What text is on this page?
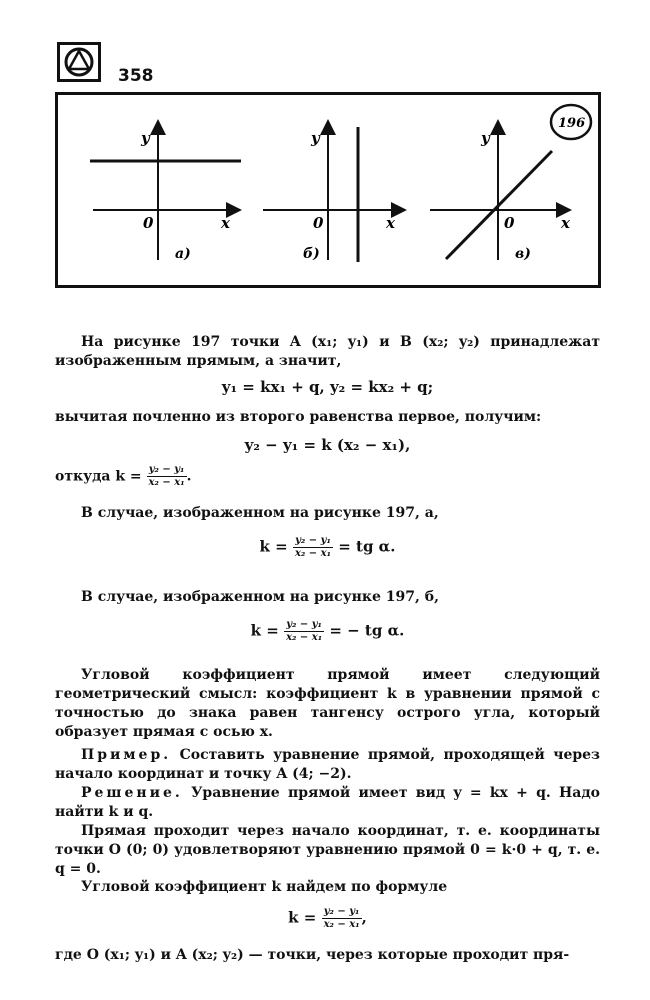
358
y
0	x
а)
y
0	x
б)
y
0	x
в)
196

На рисунке 197 точки A (x₁; y₁) и B (x₂; y₂) принадлежат изображенным прямым, а значит,

y₁ = kx₁ + q, y₂ = kx₂ + q;

вычитая почленно из второго равенства первое, получим:

y₂ − y₁ = k (x₂ − x₁),

откуда $k = \frac{\text{y₂ − y₁}}{\text{x₂ − x₁}}$ .

В случае, изображенном на рисунке 197, а,

$k = \frac{\text{y₂ − y₁}}{\text{x₂ − x₁}}$ = tg α.

В случае, изображенном на рисунке 197, б,

$k = \frac{\text{y₂ − y₁}}{\text{x₂ − x₁}}$ = − tg α.

Угловой коэффициент прямой имеет следующий геометрический смысл: коэффициент k в уравнении прямой с точностью до знака равен тангенсу острого угла, который образует прямая с осью x.

Пример. Составить уравнение прямой, проходящей через начало координат и точку A (4; −2).

Решение. Уравнение прямой имеет вид y = kx + q. Надо найти k и q.

Прямая проходит через начало координат, т. е. координаты точки O (0; 0) удовлетворяют уравнению прямой 0 = k·0 + q, т. е. q = 0.

Угловой коэффициент k найдем по формуле

$k = \frac{\text{y₂ − y₁}}{\text{x₂ − x₁}}$ ,

где O (x₁; y₁) и A (x₂; y₂) — точки, через которые проходит пря-
